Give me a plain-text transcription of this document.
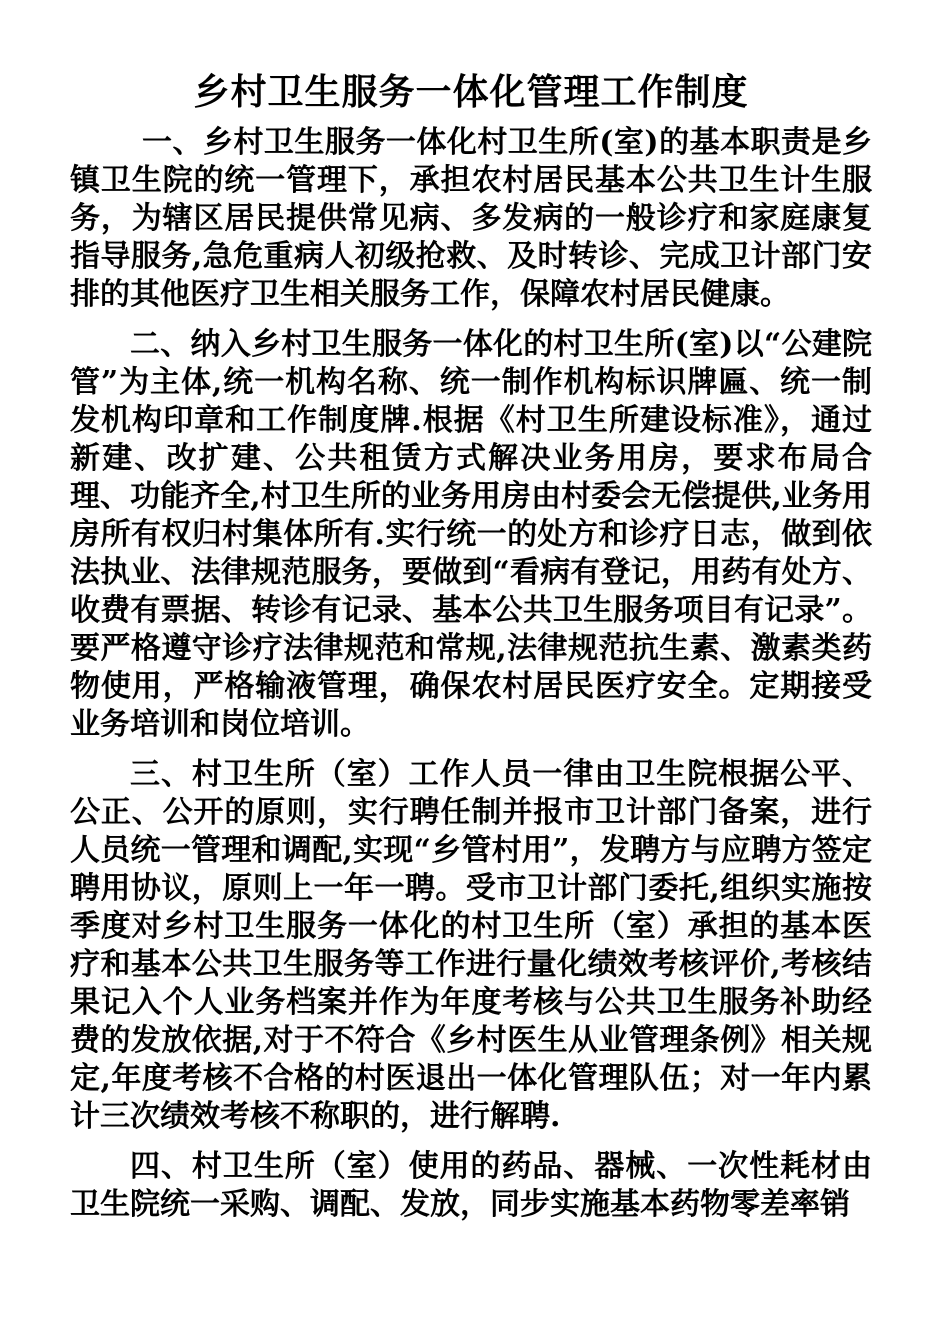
乡村卫生服务一体化管理工作制度

一、乡村卫生服务一体化村卫生所(室)的基本职责是乡镇卫生院的统一管理下，承担农村居民基本公共卫生计生服务，为辖区居民提供常见病、多发病的一般诊疗和家庭康复指导服务,急危重病人初级抢救、及时转诊、完成卫计部门安排的其他医疗卫生相关服务工作，保障农村居民健康。

二、纳入乡村卫生服务一体化的村卫生所(室)以“公建院管”为主体,统一机构名称、统一制作机构标识牌匾、统一制发机构印章和工作制度牌.根据《村卫生所建设标准》，通过新建、改扩建、公共租赁方式解决业务用房，要求布局合理、功能齐全,村卫生所的业务用房由村委会无偿提供,业务用房所有权归村集体所有.实行统一的处方和诊疗日志，做到依法执业、法律规范服务，要做到“看病有登记，用药有处方、收费有票据、转诊有记录、基本公共卫生服务项目有记录”。要严格遵守诊疗法律规范和常规,法律规范抗生素、激素类药物使用，严格输液管理，确保农村居民医疗安全。定期接受业务培训和岗位培训。

三、村卫生所（室）工作人员一律由卫生院根据公平、公正、公开的原则，实行聘任制并报市卫计部门备案，进行人员统一管理和调配,实现“乡管村用”，发聘方与应聘方签定聘用协议，原则上一年一聘。受市卫计部门委托,组织实施按季度对乡村卫生服务一体化的村卫生所（室）承担的基本医疗和基本公共卫生服务等工作进行量化绩效考核评价,考核结果记入个人业务档案并作为年度考核与公共卫生服务补助经费的发放依据,对于不符合《乡村医生从业管理条例》相关规定,年度考核不合格的村医退出一体化管理队伍；对一年内累计三次绩效考核不称职的，进行解聘.

四、村卫生所（室）使用的药品、器械、一次性耗材由卫生院统一采购、调配、发放，同步实施基本药物零差率销
